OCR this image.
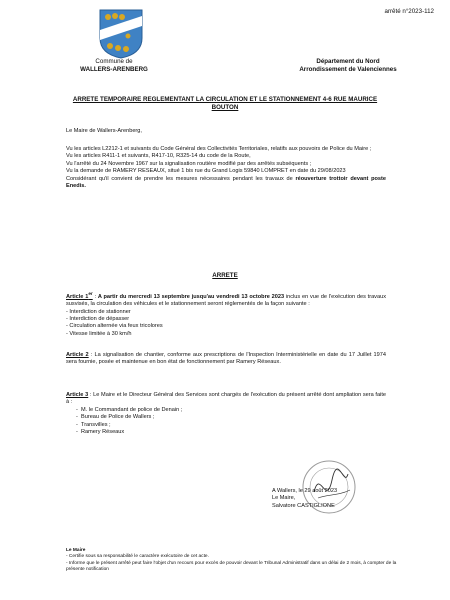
arrêté n°2023-112
Commune de
WALLERS-ARENBERG
Département du Nord
Arrondissement de Valenciennes
ARRETE TEMPORAIRE REGLEMENTANT LA CIRCULATION ET LE STATIONNEMENT 4-6 RUE MAURICE BOUTON
Le Maire de Wallers-Arenberg,

Vu les articles L2212-1 et suivants du Code Général des Collectivités Territoriales, relatifs aux pouvoirs de Police du Maire ;

Vu les articles R411-1 et suivants, R417-10, R325-14 du code de la Route,

Vu l'arrêté du 24 Novembre 1967 sur la signalisation routière modifié par des arrêtés subséquents ;

Vu la demande de RAMERY RESEAUX, situé 1 bis rue du Grand Logis 59840 LOMPRET en date du 29/08/2023

Considérant qu'il convient de prendre les mesures nécessaires pendant les travaux de réouverture trottoir devant poste Enedis.

ARRETE

Article 1er : A partir du mercredi 13 septembre jusqu'au vendredi 13 octobre 2023 inclus en vue de l'exécution des travaux susvisés, la circulation des véhicules et le stationnement seront réglementés de la façon suivante :

- Interdiction de stationner
- Interdiction de dépasser
- Circulation alternée via feux tricolores
- Vitesse limitée à 30 km/h

Article 2 : La signalisation de chantier, conforme aux prescriptions de l'Inspection Interministérielle en date du 17 Juillet 1974 sera fournie, posée et maintenue en bon état de fonctionnement par Ramery Réseaux.

Article 3 : Le Maire et le Directeur Général des Services sont chargés de l'exécution du présent arrêté dont ampliation sera faite à :

-  M. le Commandant de police de Denain ;
-  Bureau de Police de Wallers ;
-  Transvilles ;
-  Ramery Réseaux
A Wallers, le 29 août 2023
Le Maire,
Salvatore CASTIGLIONE
Le Maire
- Certifie sous sa responsabilité le caractère exécutoire de cet acte.
- Informe que le présent arrêté peut faire l'objet d'un recours pour excès de pouvoir devant le Tribunal Administratif dans un délai de 2 mois, à compter de la présente notification
